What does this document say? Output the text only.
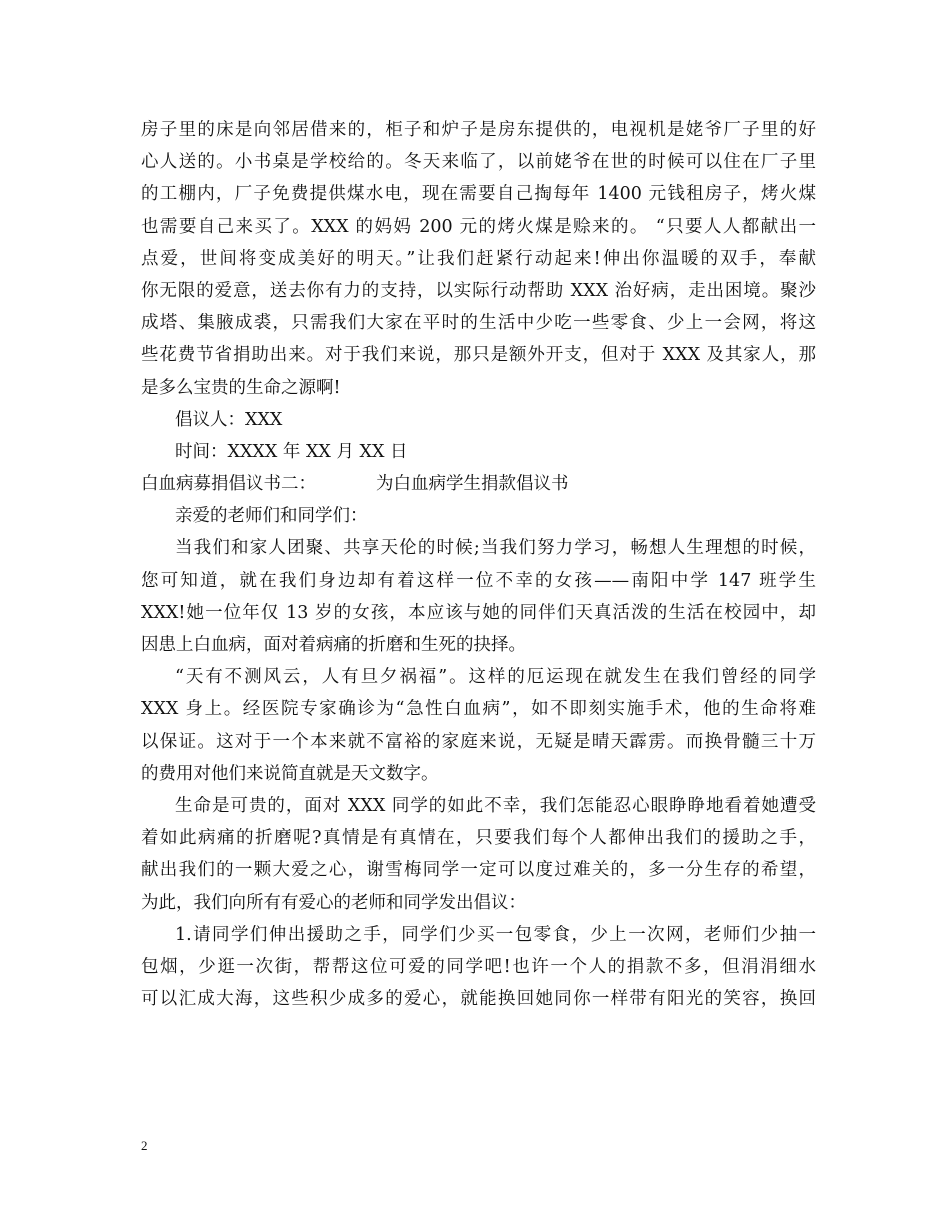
房子里的床是向邻居借来的，柜子和炉子是房东提供的，电视机是姥爷厂子里的好
心人送的。小书桌是学校给的。冬天来临了，以前姥爷在世的时候可以住在厂子里
的工棚内，厂子免费提供煤水电，现在需要自己掏每年 1400 元钱租房子，烤火煤
也需要自己来买了。XXX 的妈妈 200 元的烤火煤是赊来的。 “只要人人都献出一
点爱，世间将变成美好的明天。”让我们赶紧行动起来!伸出你温暖的双手，奉献
你无限的爱意，送去你有力的支持，以实际行动帮助 XXX 治好病，走出困境。聚沙
成塔、集腋成裘，只需我们大家在平时的生活中少吃一些零食、少上一会网，将这
些花费节省捐助出来。对于我们来说，那只是额外开支，但对于 XXX 及其家人，那
是多么宝贵的生命之源啊!
倡议人：XXX
时间：XXXX 年 XX 月 XX 日
白血病募捐倡议书二：	为白血病学生捐款倡议书
亲爱的老师们和同学们：
当我们和家人团聚、共享天伦的时候;当我们努力学习，畅想人生理想的时候，
您可知道，就在我们身边却有着这样一位不幸的女孩——南阳中学 147 班学生
XXX!她一位年仅 13 岁的女孩，本应该与她的同伴们天真活泼的生活在校园中，却
因患上白血病，面对着病痛的折磨和生死的抉择。
“天有不测风云，人有旦夕祸福”。这样的厄运现在就发生在我们曾经的同学
XXX 身上。经医院专家确诊为“急性白血病”，如不即刻实施手术，他的生命将难
以保证。这对于一个本来就不富裕的家庭来说，无疑是晴天霹雳。而换骨髓三十万
的费用对他们来说简直就是天文数字。
生命是可贵的，面对 XXX 同学的如此不幸，我们怎能忍心眼睁睁地看着她遭受
着如此病痛的折磨呢?真情是有真情在，只要我们每个人都伸出我们的援助之手，
献出我们的一颗大爱之心，谢雪梅同学一定可以度过难关的，多一分生存的希望，
为此，我们向所有有爱心的老师和同学发出倡议：
1.请同学们伸出援助之手，同学们少买一包零食，少上一次网，老师们少抽一
包烟，少逛一次街，帮帮这位可爱的同学吧!也许一个人的捐款不多，但涓涓细水
可以汇成大海，这些积少成多的爱心，就能换回她同你一样带有阳光的笑容，换回
2
